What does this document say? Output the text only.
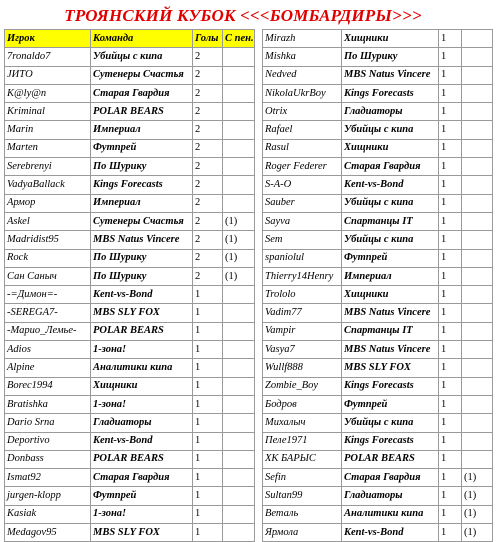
ТРОЯНСКИЙ КУБОК <<<БОМБАРДИРЫ>>>
Игрок	Команда	Голы	С пен.
7ronaldo7	Убийцы с кипа	2	
ЈИТО	Сутенеры Счастья	2	
K@ly@n	Старая Гвардия	2	
Kriminal	POLAR BEARS	2	
Marin	Империал	2	
Marten	Футпрей	2	
Serebrenyi	По Шурику	2	
VadyaBallack	Kings Forecasts	2	
Армор	Империал	2	
Askel	Сутенеры Счастья	2	(1)
Madridist95	MBS Natus Vincere	2	(1)
Rock	По Шурику	2	(1)
Сан Саныч	По Шурику	2	(1)
-=Димон=-	Kent-vs-Bond	1	
-SEREGA7-	MBS SLY FOX	1	
-Марио_Лемье-	POLAR BEARS	1	
Adios	1-зона!	1	
Alpine	Аналитики кипа	1	
Borec1994	Хищники	1	
Bratishka	1-зона!	1	
Dario Srna	Гладиаторы	1	
Deportivo	Kent-vs-Bond	1	
Donbass	POLAR BEARS	1	
Ismat92	Старая Гвардия	1	
jurgen-klopp	Футпрей	1	
Kasiak	1-зона!	1	
Medagov95	MBS SLY FOX	1	
Mirazh	Хищники	1	
Mishka	По Шурику	1	
Nedved	MBS Natus Vincere	1	
NikolaUkrBoy	Kings Forecasts	1	
Otrix	Гладиаторы	1	
Rafael	Убийцы с кипа	1	
Rasul	Хищники	1	
Roger Federer	Старая Гвардия	1	
S-A-O	Kent-vs-Bond	1	
Sauber	Убийцы с кипа	1	
Sayva	Спартанцы IT	1	
Sem	Убийцы с кипа	1	
spaniolul	Футпрей	1	
Thierry14Henry	Империал	1	
Trololo	Хищники	1	
Vadim77	MBS Natus Vincere	1	
Vampir	Спартанцы IT	1	
Vasya7	MBS Natus Vincere	1	
Wullf888	MBS SLY FOX	1	
Zombie_Boy	Kings Forecasts	1	
Бодров	Футпрей	1	
Михалыч	Убийцы с кипа	1	
Пеле1971	Kings Forecasts	1	
ХК БАРЫС	POLAR BEARS	1	
Sefin	Старая Гвардия	1	(1)
Sultan99	Гладиаторы	1	(1)
Веталь	Аналитики кипа	1	(1)
Ярмола	Kent-vs-Bond	1	(1)
